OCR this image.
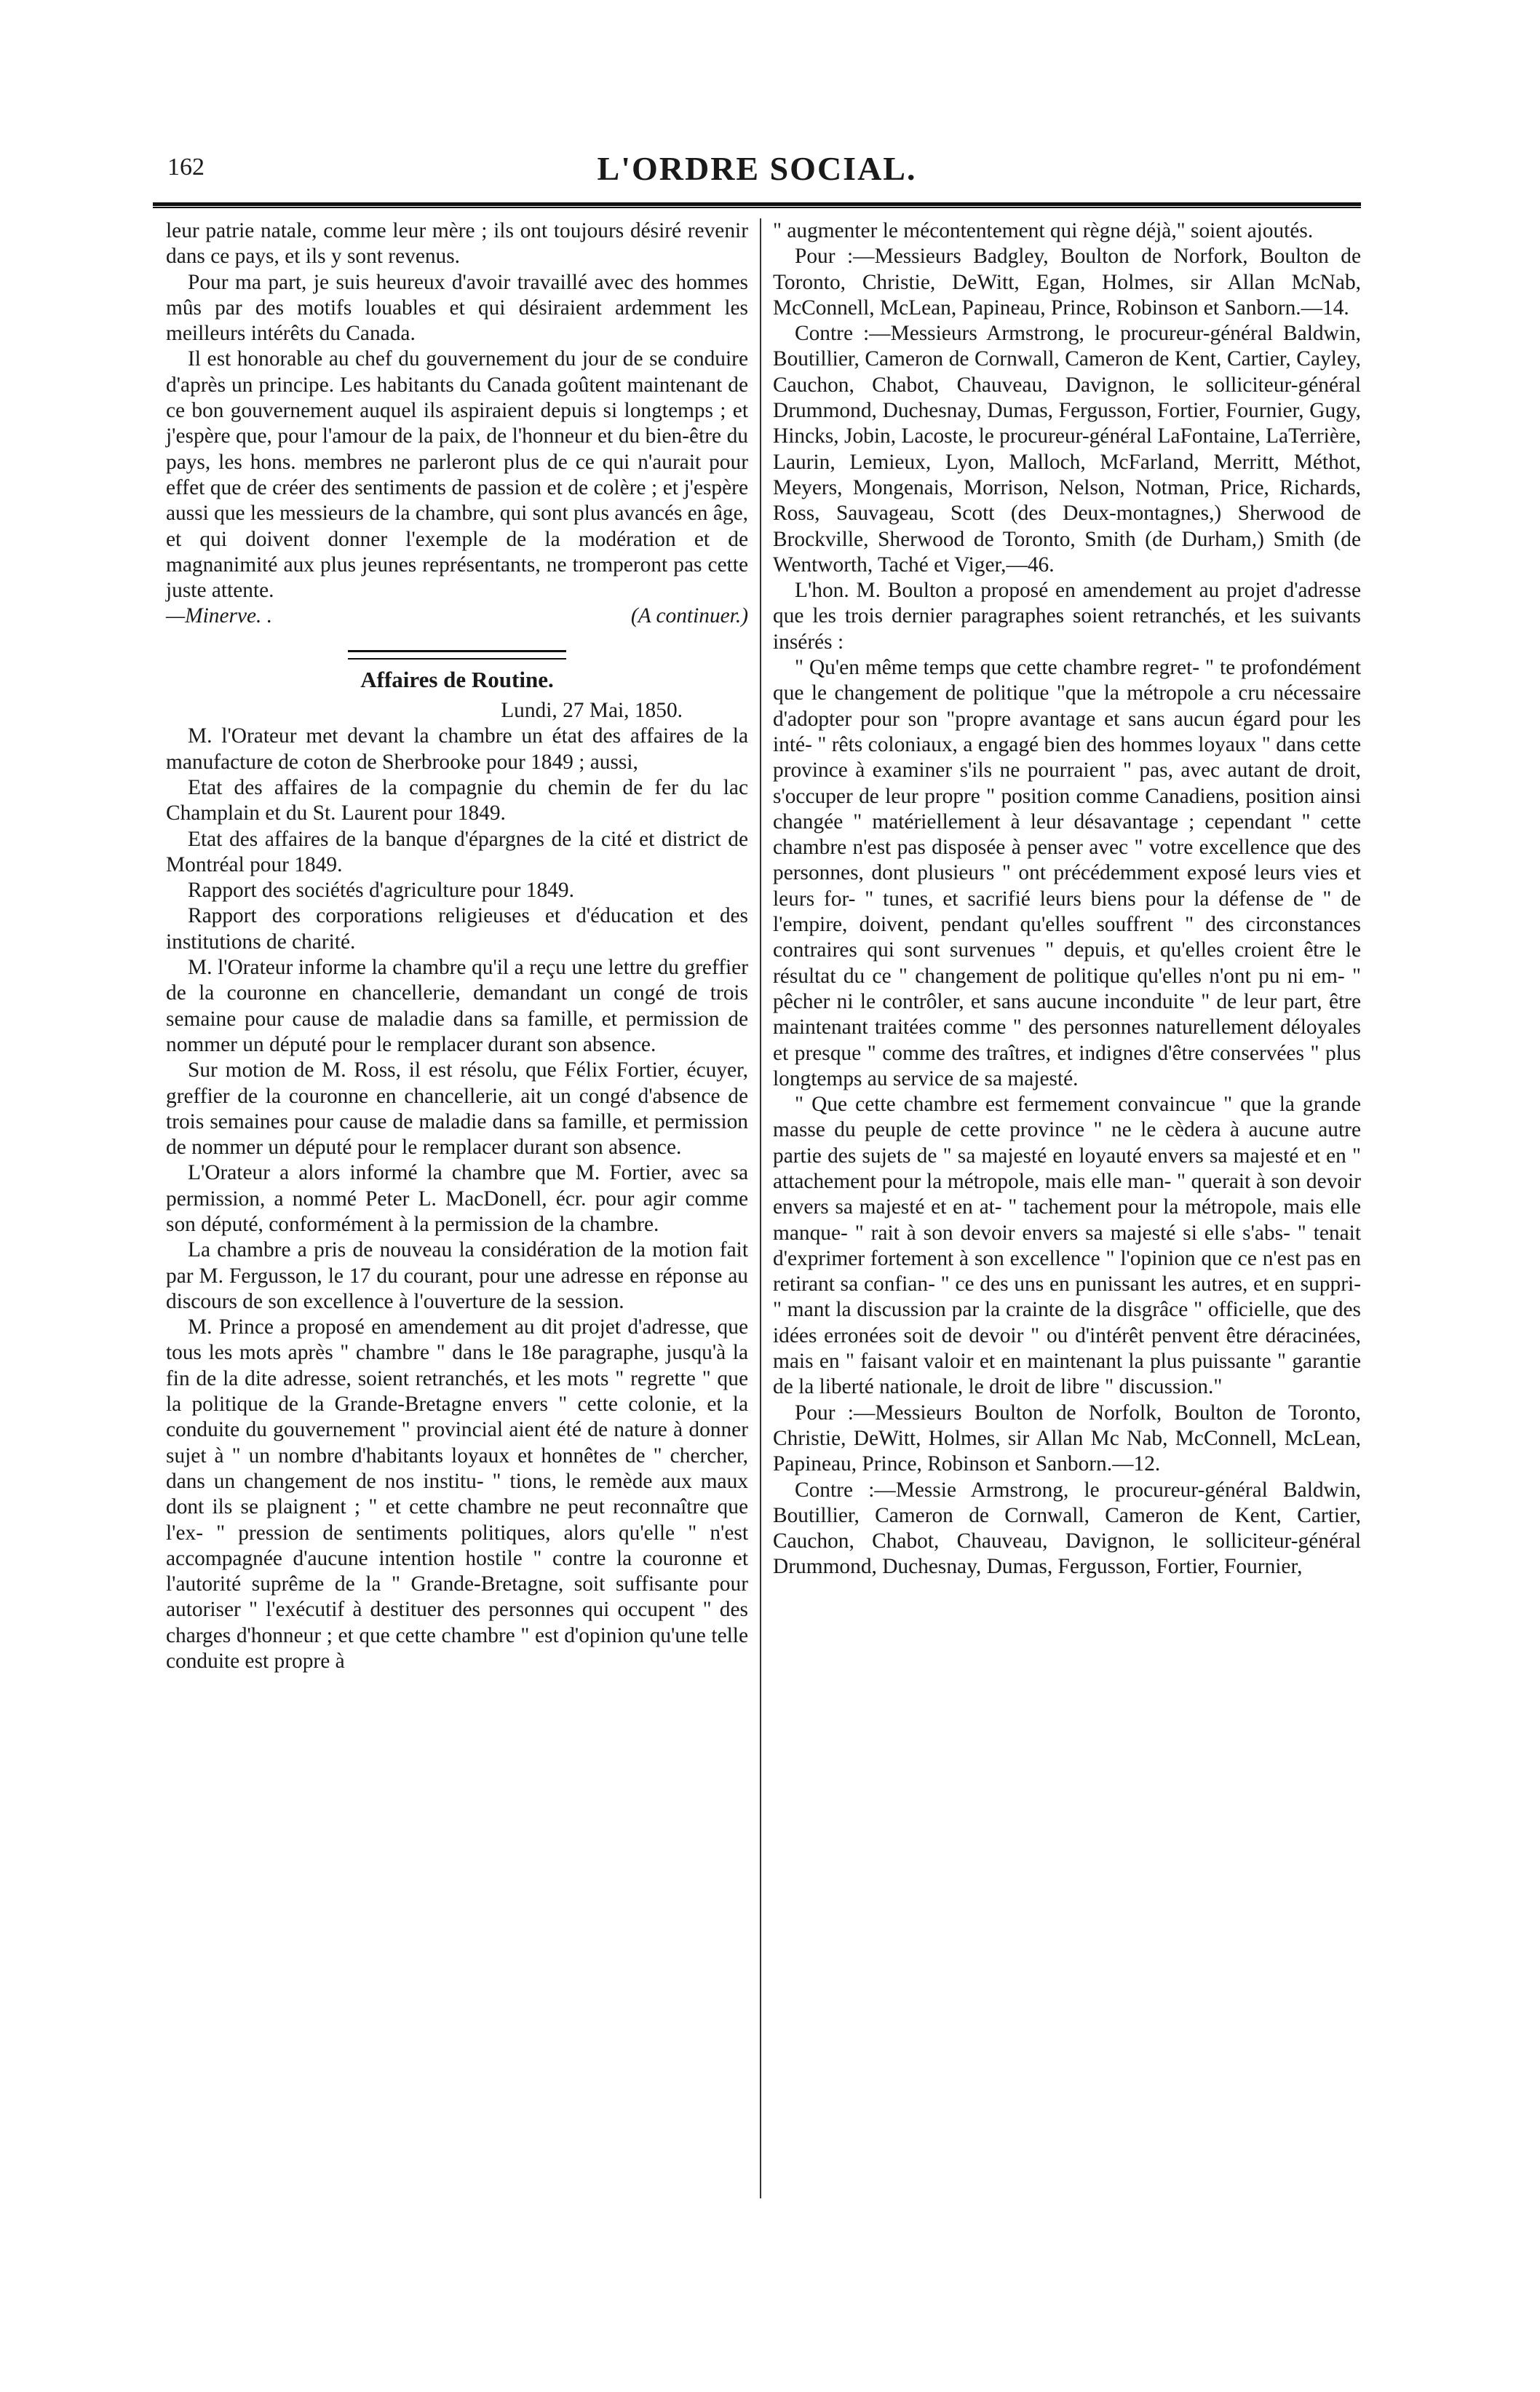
162	L'ORDRE SOCIAL.

leur patrie natale, comme leur mère ; ils ont toujours désiré revenir dans ce pays, et ils y sont revenus.

Pour ma part, je suis heureux d'avoir travaillé avec des hommes mûs par des motifs louables et qui désiraient ardemment les meilleurs intérêts du Canada.

Il est honorable au chef du gouvernement du jour de se conduire d'après un principe. Les habitants du Canada goûtent maintenant de ce bon gouvernement auquel ils aspiraient depuis si longtemps ; et j'espère que, pour l'amour de la paix, de l'honneur et du bien-être du pays, les hons. membres ne parleront plus de ce qui n'aurait pour effet que de créer des sentiments de passion et de colère ; et j'espère aussi que les messieurs de la chambre, qui sont plus avancés en âge, et qui doivent donner l'exemple de la modération et de magnanimité aux plus jeunes représentants, ne tromperont pas cette juste attente.

—Minerve. .	(A continuer.)

Affaires de Routine.

Lundi, 27 Mai, 1850.

M. l'Orateur met devant la chambre un état des affaires de la manufacture de coton de Sherbrooke pour 1849 ; aussi,

Etat des affaires de la compagnie du chemin de fer du lac Champlain et du St. Laurent pour 1849.

Etat des affaires de la banque d'épargnes de la cité et district de Montréal pour 1849.

Rapport des sociétés d'agriculture pour 1849.

Rapport des corporations religieuses et d'éducation et des institutions de charité.

M. l'Orateur informe la chambre qu'il a reçu une lettre du greffier de la couronne en chancellerie, demandant un congé de trois semaine pour cause de maladie dans sa famille, et permission de nommer un député pour le remplacer durant son absence.

Sur motion de M. Ross, il est résolu, que Félix Fortier, écuyer, greffier de la couronne en chancellerie, ait un congé d'absence de trois semaines pour cause de maladie dans sa famille, et permission de nommer un député pour le remplacer durant son absence.

L'Orateur a alors informé la chambre que M. Fortier, avec sa permission, a nommé Peter L. MacDonell, écr. pour agir comme son député, conformément à la permission de la chambre.

La chambre a pris de nouveau la considération de la motion fait par M. Fergusson, le 17 du courant, pour une adresse en réponse au discours de son excellence à l'ouverture de la session.

M. Prince a proposé en amendement au dit projet d'adresse, que tous les mots après " chambre " dans le 18e paragraphe, jusqu'à la fin de la dite adresse, soient retranchés, et les mots " regrette " que la politique de la Grande-Bretagne envers " cette colonie, et la conduite du gouvernement " provincial aient été de nature à donner sujet à " un nombre d'habitants loyaux et honnêtes de " chercher, dans un changement de nos institu- " tions, le remède aux maux dont ils se plaignent ; " et cette chambre ne peut reconnaître que l'ex- " pression de sentiments politiques, alors qu'elle " n'est accompagnée d'aucune intention hostile " contre la couronne et l'autorité suprême de la " Grande-Bretagne, soit suffisante pour autoriser " l'exécutif à destituer des personnes qui occupent " des charges d'honneur ; et que cette chambre " est d'opinion qu'une telle conduite est propre à

" augmenter le mécontentement qui règne déjà," soient ajoutés.

Pour :—Messieurs Badgley, Boulton de Norfork, Boulton de Toronto, Christie, DeWitt, Egan, Holmes, sir Allan McNab, McConnell, McLean, Papineau, Prince, Robinson et Sanborn.—14.

Contre :—Messieurs Armstrong, le procureur-général Baldwin, Boutillier, Cameron de Cornwall, Cameron de Kent, Cartier, Cayley, Cauchon, Chabot, Chauveau, Davignon, le solliciteur-général Drummond, Duchesnay, Dumas, Fergusson, Fortier, Fournier, Gugy, Hincks, Jobin, Lacoste, le procureur-général LaFontaine, LaTerrière, Laurin, Lemieux, Lyon, Malloch, McFarland, Merritt, Méthot, Meyers, Mongenais, Morrison, Nelson, Notman, Price, Richards, Ross, Sauvageau, Scott (des Deux-montagnes,) Sherwood de Brockville, Sherwood de Toronto, Smith (de Durham,) Smith (de Wentworth, Taché et Viger,—46.

L'hon. M. Boulton a proposé en amendement au projet d'adresse que les trois dernier paragraphes soient retranchés, et les suivants insérés :

" Qu'en même temps que cette chambre regret- " te profondément que le changement de politique "que la métropole a cru nécessaire d'adopter pour son "propre avantage et sans aucun égard pour les inté- " rêts coloniaux, a engagé bien des hommes loyaux " dans cette province à examiner s'ils ne pourraient " pas, avec autant de droit, s'occuper de leur propre " position comme Canadiens, position ainsi changée " matériellement à leur désavantage ; cependant " cette chambre n'est pas disposée à penser avec " votre excellence que des personnes, dont plusieurs " ont précédemment exposé leurs vies et leurs for- " tunes, et sacrifié leurs biens pour la défense de " de l'empire, doivent, pendant qu'elles souffrent " des circonstances contraires qui sont survenues " depuis, et qu'elles croient être le résultat du ce " changement de politique qu'elles n'ont pu ni em- " pêcher ni le contrôler, et sans aucune inconduite " de leur part, être maintenant traitées comme " des personnes naturellement déloyales et presque " comme des traîtres, et indignes d'être conservées " plus longtemps au service de sa majesté.

" Que cette chambre est fermement convaincue " que la grande masse du peuple de cette province " ne le cèdera à aucune autre partie des sujets de " sa majesté en loyauté envers sa majesté et en " attachement pour la métropole, mais elle man- " querait à son devoir envers sa majesté et en at- " tachement pour la métropole, mais elle manque- " rait à son devoir envers sa majesté si elle s'abs- " tenait d'exprimer fortement à son excellence " l'opinion que ce n'est pas en retirant sa confian- " ce des uns en punissant les autres, et en suppri- " mant la discussion par la crainte de la disgrâce " officielle, que des idées erronées soit de devoir " ou d'intérêt penvent être déracinées, mais en " faisant valoir et en maintenant la plus puissante " garantie de la liberté nationale, le droit de libre " discussion."

Pour :—Messieurs Boulton de Norfolk, Boulton de Toronto, Christie, DeWitt, Holmes, sir Allan Mc Nab, McConnell, McLean, Papineau, Prince, Robinson et Sanborn.—12.

Contre :—Messie Armstrong, le procureur-général Baldwin, Boutillier, Cameron de Cornwall, Cameron de Kent, Cartier, Cauchon, Chabot, Chauveau, Davignon, le solliciteur-général Drummond, Duchesnay, Dumas, Fergusson, Fortier, Fournier,
